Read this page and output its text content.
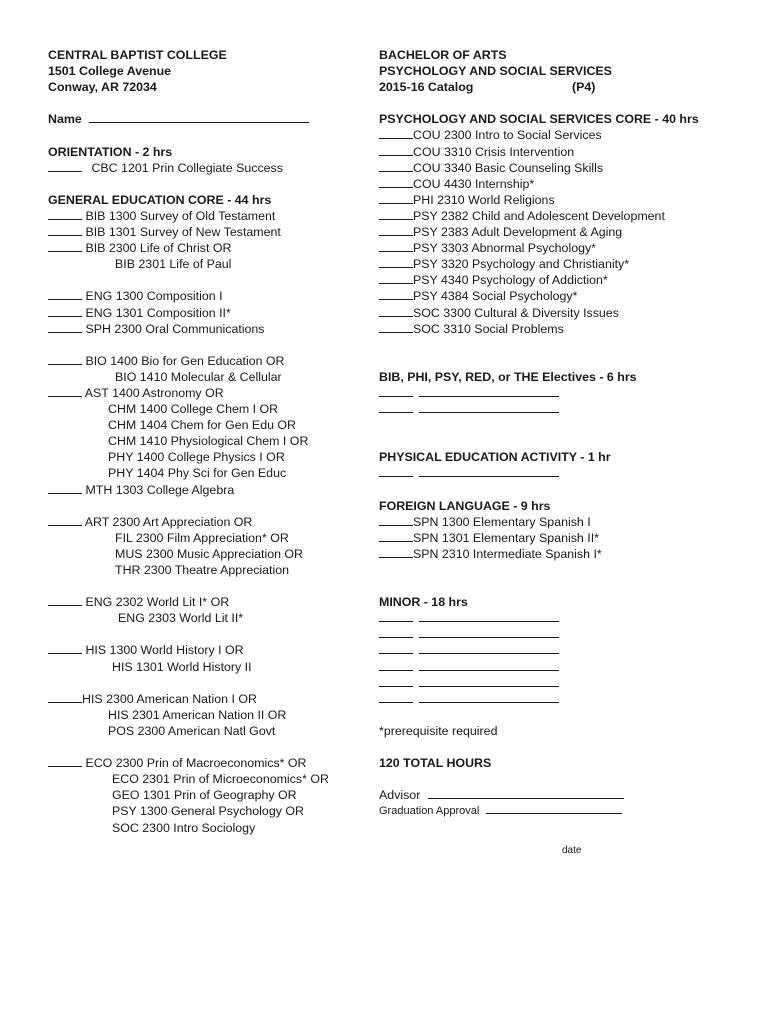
CENTRAL BAPTIST COLLEGE
1501 College Avenue
Conway, AR 72034
Name
ORIENTATION - 2 hrs
CBC 1201 Prin Collegiate Success
GENERAL EDUCATION CORE - 44 hrs
BIB 1300 Survey of Old Testament
BIB 1301 Survey of New Testament
BIB 2300 Life of Christ OR
BIB 2301 Life of Paul
ENG 1300 Composition I
ENG 1301 Composition II*
SPH 2300 Oral Communications
BIO 1400 Bio for Gen Education OR
BIO 1410 Molecular & Cellular
AST 1400 Astronomy OR
CHM 1400 College Chem I OR
CHM 1404 Chem for Gen Edu OR
CHM 1410 Physiological Chem I OR
PHY 1400 College Physics I OR
PHY 1404 Phy Sci for Gen Educ
MTH 1303 College Algebra
ART 2300 Art Appreciation OR
FIL 2300 Film Appreciation* OR
MUS 2300 Music Appreciation OR
THR 2300 Theatre Appreciation
ENG 2302 World Lit I* OR
ENG 2303 World Lit II*
HIS 1300 World History I OR
HIS 1301 World History II
HIS 2300 American Nation I OR
HIS 2301 American Nation II OR
POS 2300 American Natl Govt
ECO 2300 Prin of Macroeconomics* OR
ECO 2301 Prin of Microeconomics* OR
GEO 1301 Prin of Geography OR
PSY 1300 General Psychology OR
SOC 2300 Intro Sociology
BACHELOR OF ARTS
PSYCHOLOGY AND SOCIAL SERVICES
2015-16 Catalog	(P4)
PSYCHOLOGY AND SOCIAL SERVICES CORE - 40 hrs
COU 2300 Intro to Social Services
COU 3310 Crisis Intervention
COU 3340 Basic Counseling Skills
COU 4430 Internship*
PHI 2310 World Religions
PSY 2382 Child and Adolescent Development
PSY 2383 Adult Development & Aging
PSY 3303 Abnormal Psychology*
PSY 3320 Psychology and Christianity*
PSY 4340 Psychology of Addiction*
PSY 4384 Social Psychology*
SOC 3300 Cultural & Diversity Issues
SOC 3310 Social Problems
BIB, PHI, PSY, RED, or THE Electives - 6 hrs
PHYSICAL EDUCATION ACTIVITY - 1 hr
FOREIGN LANGUAGE - 9 hrs
SPN 1300 Elementary Spanish I
SPN 1301 Elementary Spanish II*
SPN 2310 Intermediate Spanish I*
MINOR - 18 hrs
*prerequisite required
120 TOTAL HOURS
Advisor
Graduation Approval
date
